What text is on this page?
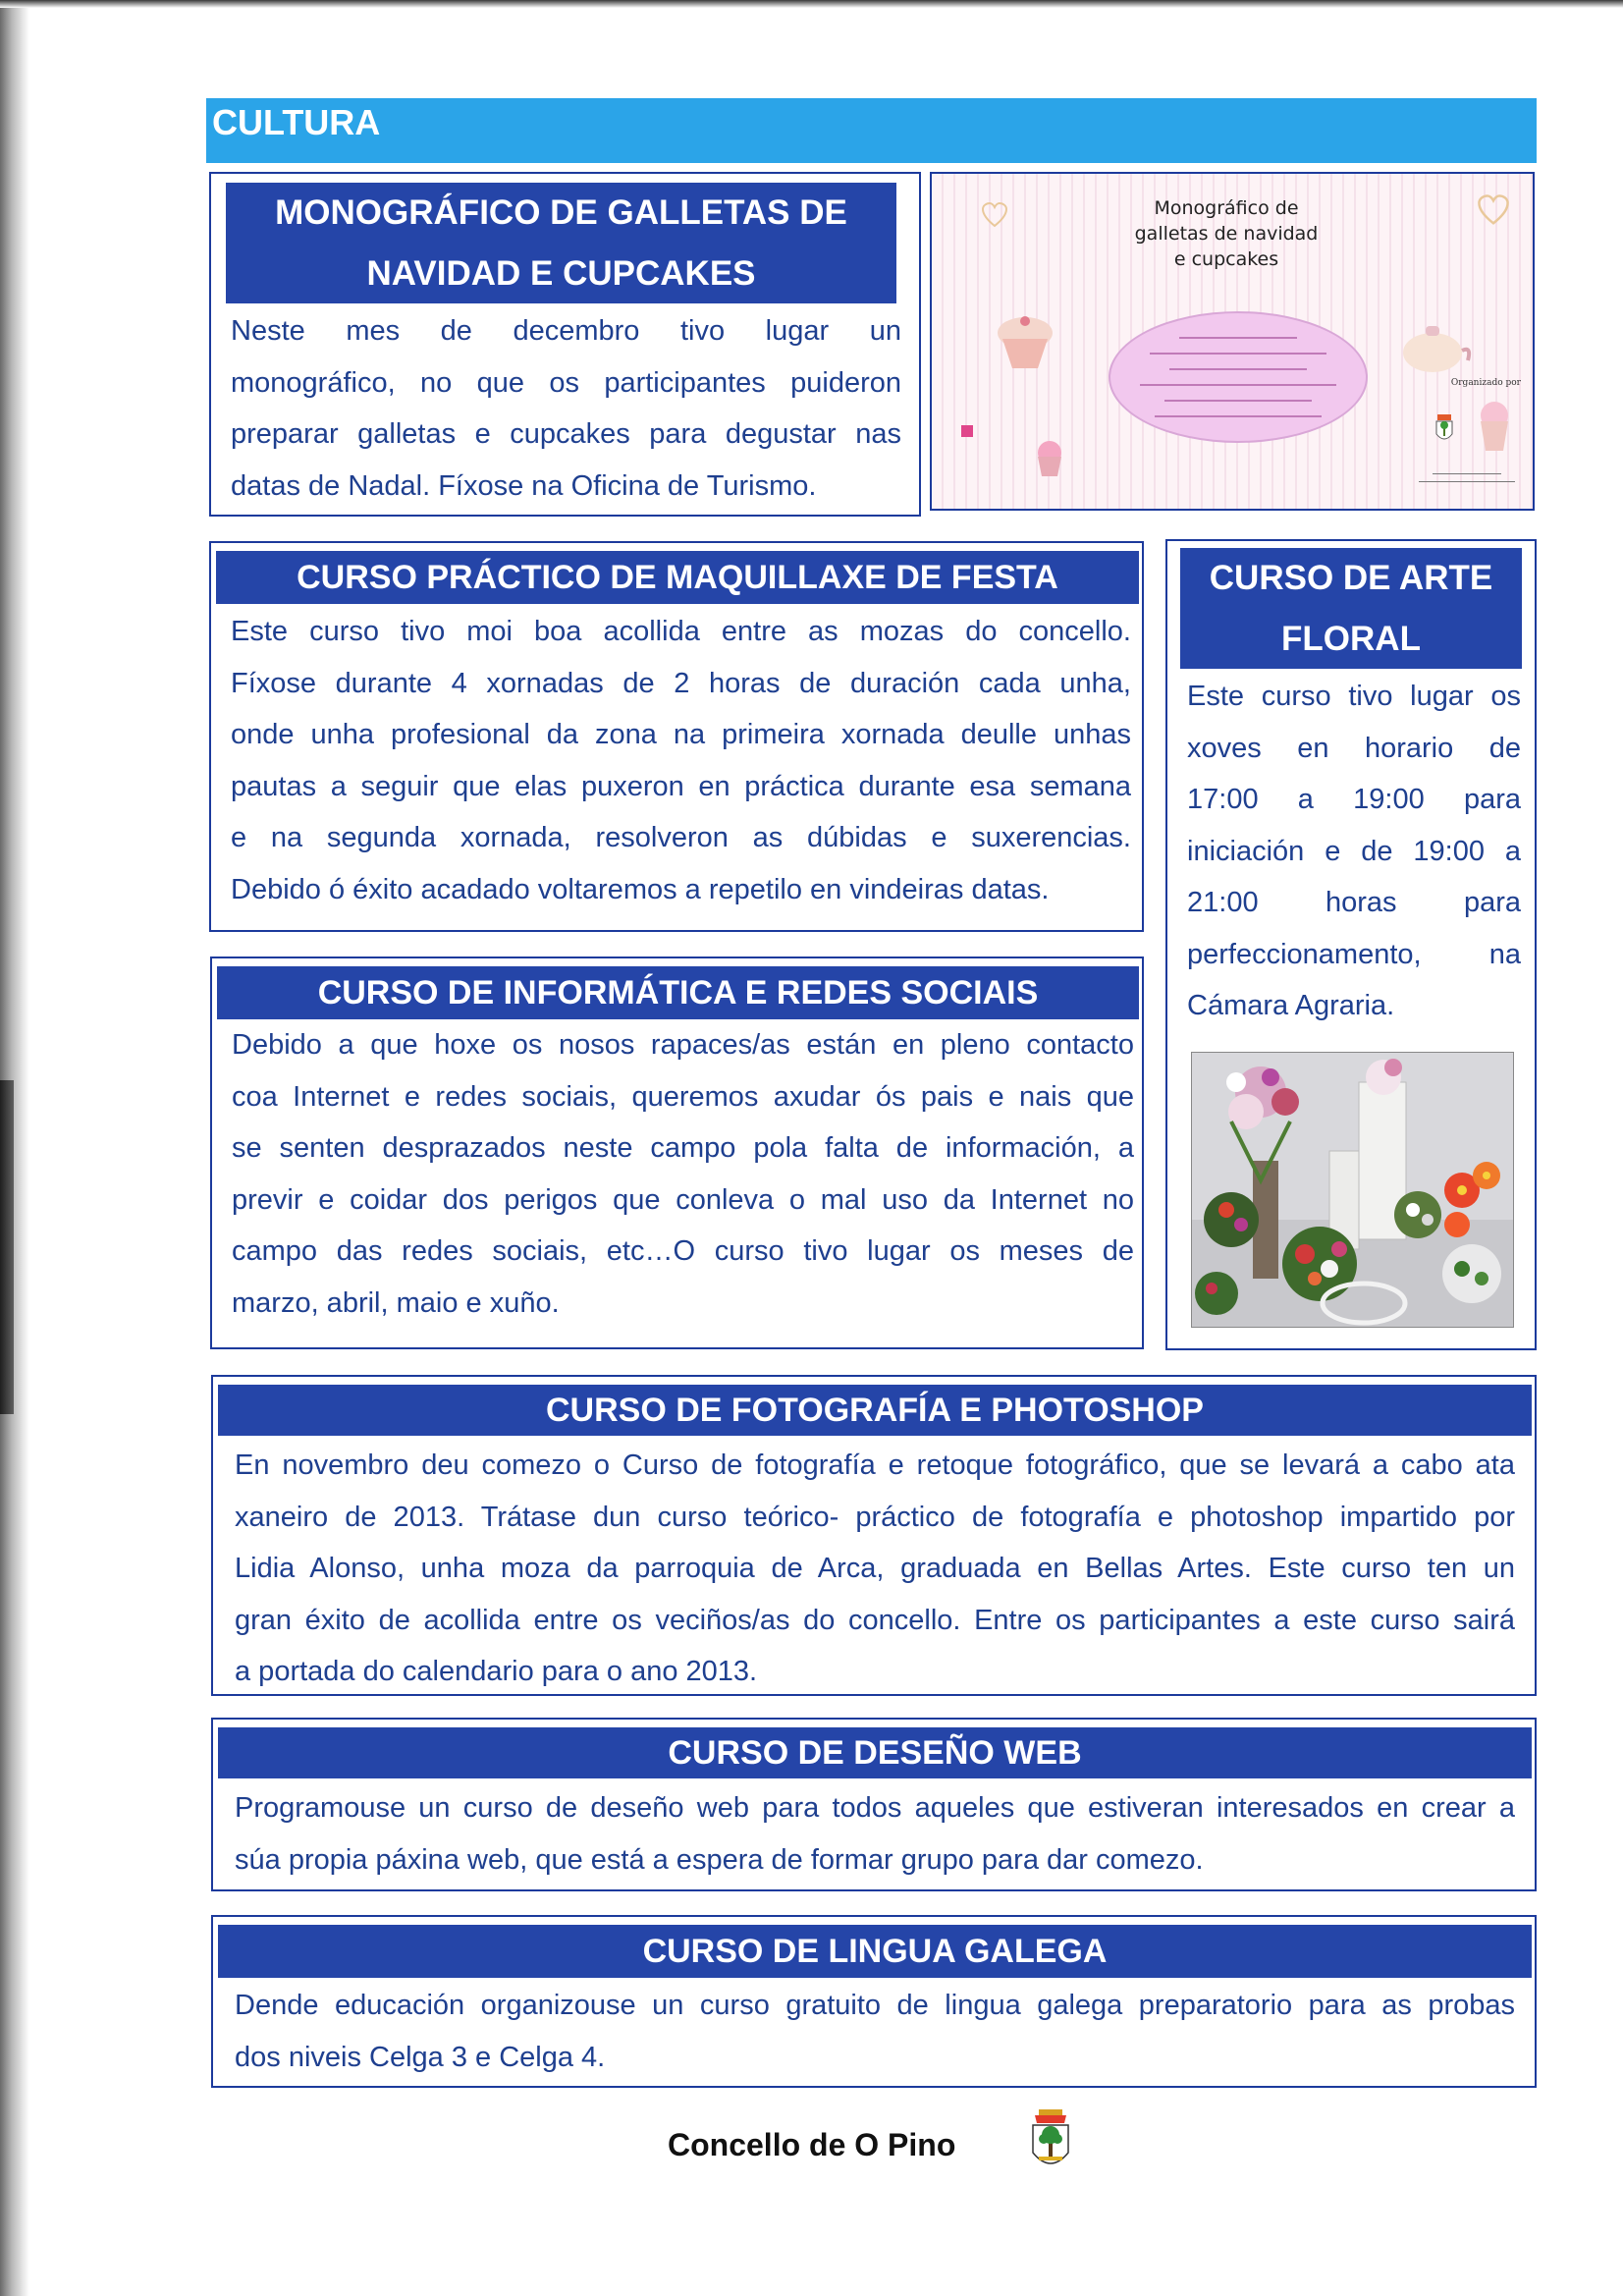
CULTURA
MONOGRÁFICO DE GALLETAS DE
NAVIDAD E CUPCAKES
Neste mes de decembro tivo lugar un
monográfico, no que os participantes puideron
preparar galletas e cupcakes para degustar nas
datas de Nadal. Fíxose na Oficina de Turismo.
Monográfico de
galletas de navidad
e cupcakes
Organizado por
CURSO PRÁCTICO DE MAQUILLAXE DE FESTA
Este curso tivo moi boa acollida entre as mozas do concello.
Fíxose durante 4 xornadas de 2 horas de duración cada unha,
onde unha profesional da zona na primeira xornada deulle unhas
pautas a seguir que elas puxeron en práctica durante esa semana
e na segunda xornada, resolveron as dúbidas e suxerencias.
Debido ó éxito acadado voltaremos a repetilo en vindeiras datas.
CURSO DE ARTE
FLORAL
Este curso tivo lugar os
xoves en horario de
17:00 a 19:00 para
iniciación e de 19:00 a
21:00 horas para
perfeccionamento, na
Cámara Agraria.
CURSO DE INFORMÁTICA E REDES SOCIAIS
Debido a que hoxe os nosos rapaces/as están en pleno contacto
coa Internet e redes sociais, queremos axudar ós pais e nais que
se senten desprazados neste campo pola falta de información, a
previr e coidar dos perigos que conleva o mal uso da Internet no
campo das redes sociais, etc…O curso tivo lugar os meses de
marzo, abril, maio e xuño.
CURSO DE FOTOGRAFÍA E PHOTOSHOP
En novembro deu comezo o Curso de fotografía e retoque fotográfico, que se levará a cabo ata
xaneiro de 2013. Trátase dun curso teórico- práctico de fotografía e photoshop impartido por
Lidia Alonso, unha moza da parroquia de Arca, graduada en Bellas Artes. Este curso ten un
gran éxito de acollida entre os veciños/as do concello. Entre os participantes a este curso sairá
a portada do calendario para o ano 2013.
CURSO DE DESEÑO WEB
Programouse un curso de deseño web para todos aqueles que estiveran interesados en crear a
súa propia páxina web, que está a espera de formar grupo para dar comezo.
CURSO DE LINGUA GALEGA
Dende educación organizouse un curso gratuito de lingua galega preparatorio para as probas
dos niveis Celga 3 e Celga 4.
Concello de O Pino
